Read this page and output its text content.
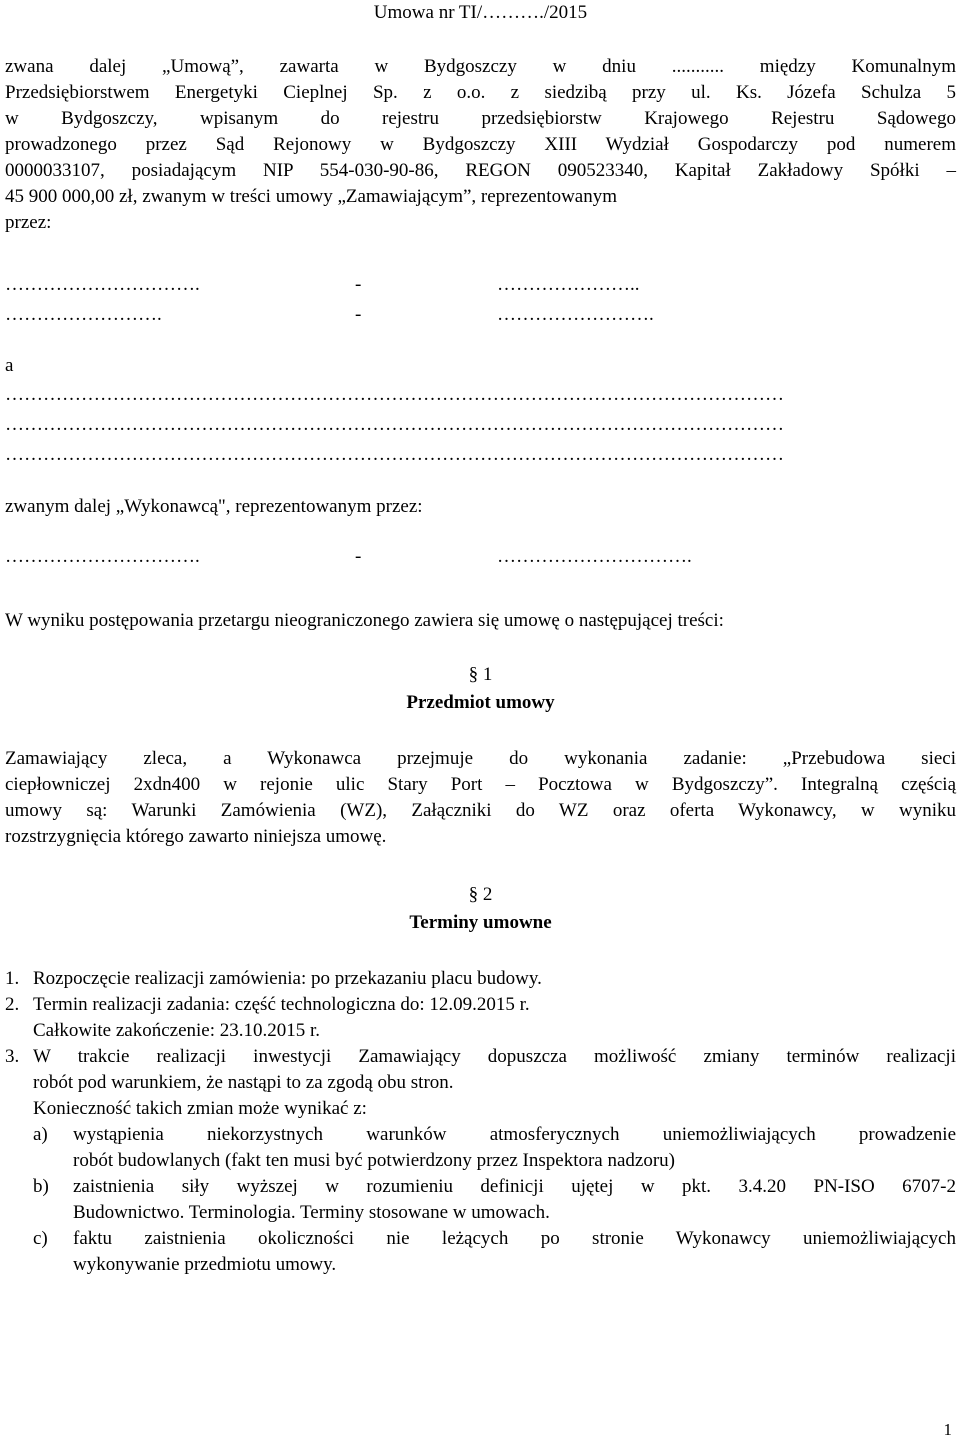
Umowa nr TI/………./2015
zwana dalej „Umową”, zawarta w Bydgoszczy w dniu ........... między Komunalnym
Przedsiębiorstwem Energetyki Cieplnej Sp. z o.o. z siedzibą przy ul. Ks. Józefa Schulza 5
w Bydgoszczy, wpisanym do rejestru przedsiębiorstw Krajowego Rejestru Sądowego
prowadzonego przez Sąd Rejonowy w Bydgoszczy XIII Wydział Gospodarczy pod numerem
0000033107, posiadającym NIP 554-030-90-86, REGON 090523340, Kapitał Zakładowy Spółki –
45 900 000,00 zł, zwanym w treści umowy „Zamawiającym”, reprezentowanym
przez:
………………………….	-	…………………..
…………………….	-	…………………….
a
……………………………………………………………………………………………………………
……………………………………………………………………………………………………………
……………………………………………………………………………………………………………
zwanym dalej „Wykonawcą", reprezentowanym przez:
………………………….	-	………………………….
W wyniku postępowania przetargu nieograniczonego zawiera się umowę o następującej treści:
§ 1
Przedmiot umowy
Zamawiający zleca, a Wykonawca przejmuje do wykonania zadanie: „Przebudowa sieci
ciepłowniczej 2xdn400 w rejonie ulic Stary Port – Pocztowa w Bydgoszczy”. Integralną częścią
umowy są: Warunki Zamówienia (WZ), Załączniki do WZ oraz oferta Wykonawcy, w wyniku
rozstrzygnięcia którego zawarto niniejsza umowę.
§ 2
Terminy umowne
1. Rozpoczęcie realizacji zamówienia: po przekazaniu placu budowy.
2. Termin realizacji zadania: część technologiczna do: 12.09.2015 r.
Całkowite zakończenie: 23.10.2015 r.
3. W trakcie realizacji inwestycji Zamawiający dopuszcza możliwość zmiany terminów realizacji
robót pod warunkiem, że nastąpi to za zgodą obu stron.
Konieczność takich zmian może wynikać z:
a) wystąpienia niekorzystnych warunków atmosferycznych uniemożliwiających prowadzenie
robót budowlanych (fakt ten musi być potwierdzony przez Inspektora nadzoru)
b) zaistnienia siły wyższej w rozumieniu definicji ujętej w pkt. 3.4.20 PN-ISO 6707-2
Budownictwo. Terminologia. Terminy stosowane w umowach.
c) faktu zaistnienia okoliczności nie leżących po stronie Wykonawcy uniemożliwiających
wykonywanie przedmiotu umowy.
1
